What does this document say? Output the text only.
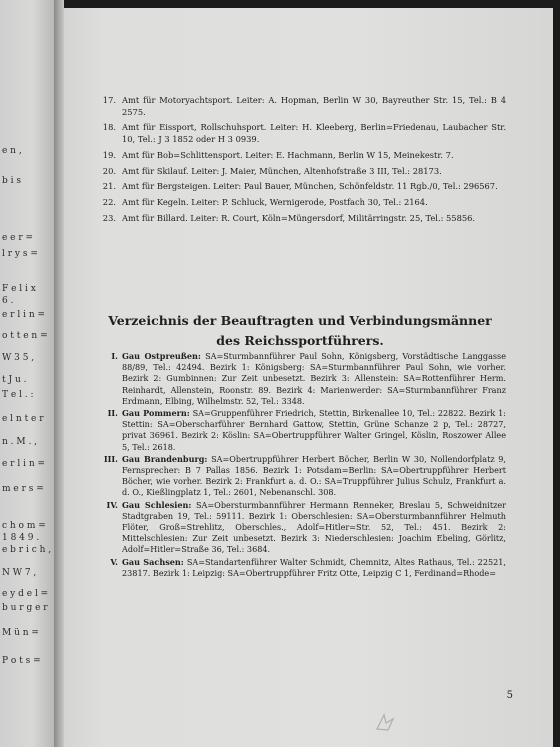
e n ,
b i s
e e r =
l r y s =
F e l i x
6 .
e r l i n =
o t t e n =
W 3 5 ,
t J u .
T e l . :
e l n t e r
n . M . ,
e r l i n =
m e r s =
c h o m =
1 8 4 9 .
e b r i c h ,
N W 7 ,
e y d e l =
b u r g e r
M ü n =
P o t s =
17. Amt für Motoryachtsport. Leiter: A. Hopman, Berlin W 30, Bayreuther Str. 15, Tel.: B 4 2575.
18. Amt für Eissport, Rollschuhsport. Leiter: H. Kleeberg, Berlin=Friedenau, Laubacher Str. 10, Tel.: J 3 1852 oder H 3 0939.
19. Amt für Bob=Schlittensport. Leiter: E. Hachmann, Berlin W 15, Meinekestr. 7.
20. Amt für Skilauf. Leiter: J. Maier, München, Altenhofstraße 3 III, Tel.: 28173.
21. Amt für Bergsteigen. Leiter: Paul Bauer, München, Schönfeldstr. 11 Rgb./0, Tel.: 296567.
22. Amt für Kegeln. Leiter: P. Schluck, Wernigerode, Postfach 30, Tel.: 2164.
23. Amt für Billard. Leiter: R. Court, Köln=Müngersdorf, Militärringstr. 25, Tel.: 55856.
Verzeichnis der Beauftragten und Verbindungsmänner
des Reichssportführers.
I. Gau Ostpreußen: SA=Sturmbannführer Paul Sohn, Königsberg, Vorstädtische Langgasse 88/89, Tel.: 42494. Bezirk 1: Königsberg: SA=Sturmbannführer Paul Sohn, wie vorher. Bezirk 2: Gumbinnen: Zur Zeit unbesetzt. Bezirk 3: Allenstein: SA=Rottenführer Herm. Reinhardt, Allenstein, Roonstr. 89. Bezirk 4: Marienwerder: SA=Sturmbannführer Franz Erdmann, Elbing, Wilhelmstr. 52, Tel.: 3348.
II. Gau Pommern: SA=Gruppenführer Friedrich, Stettin, Birkenallee 10, Tel.: 22822. Bezirk 1: Stettin: SA=Oberscharführer Bernhard Gattow, Stettin, Grüne Schanze 2 p, Tel.: 28727, privat 36961. Bezirk 2: Köslin: SA=Obertruppführer Walter Gringel, Köslin, Roszower Allee 5, Tel.: 2618.
III. Gau Brandenburg: SA=Obertruppführer Herbert Böcher, Berlin W 30, Nollendorfplatz 9, Fernsprecher: B 7 Pallas 1856. Bezirk 1: Potsdam=Berlin: SA=Obertruppführer Herbert Böcher, wie vorher. Bezirk 2: Frankfurt a. d. O.: SA=Truppführer Julius Schulz, Frankfurt a. d. O., Kießlingplatz 1, Tel.: 2601, Nebenanschl. 308.
IV. Gau Schlesien: SA=Obersturmbannführer Hermann Renneker, Breslau 5, Schweidnitzer Stadtgraben 19, Tel.: 59111. Bezirk 1: Oberschlesien: SA=Obersturmbannführer Helmuth Flöter, Groß=Strehlitz, Oberschles., Adolf=Hitler=Str. 52, Tel.: 451. Bezirk 2: Mittelschlesien: Zur Zeit unbesetzt. Bezirk 3: Niederschlesien: Joachim Ebeling, Görlitz, Adolf=Hitler=Straße 36, Tel.: 3684.
V. Gau Sachsen: SA=Standartenführer Walter Schmidt, Chemnitz, Altes Rathaus, Tel.: 22521, 23817. Bezirk 1: Leipzig: SA=Obertruppführer Fritz Otte, Leipzig C 1, Ferdinand=Rhode=
5
